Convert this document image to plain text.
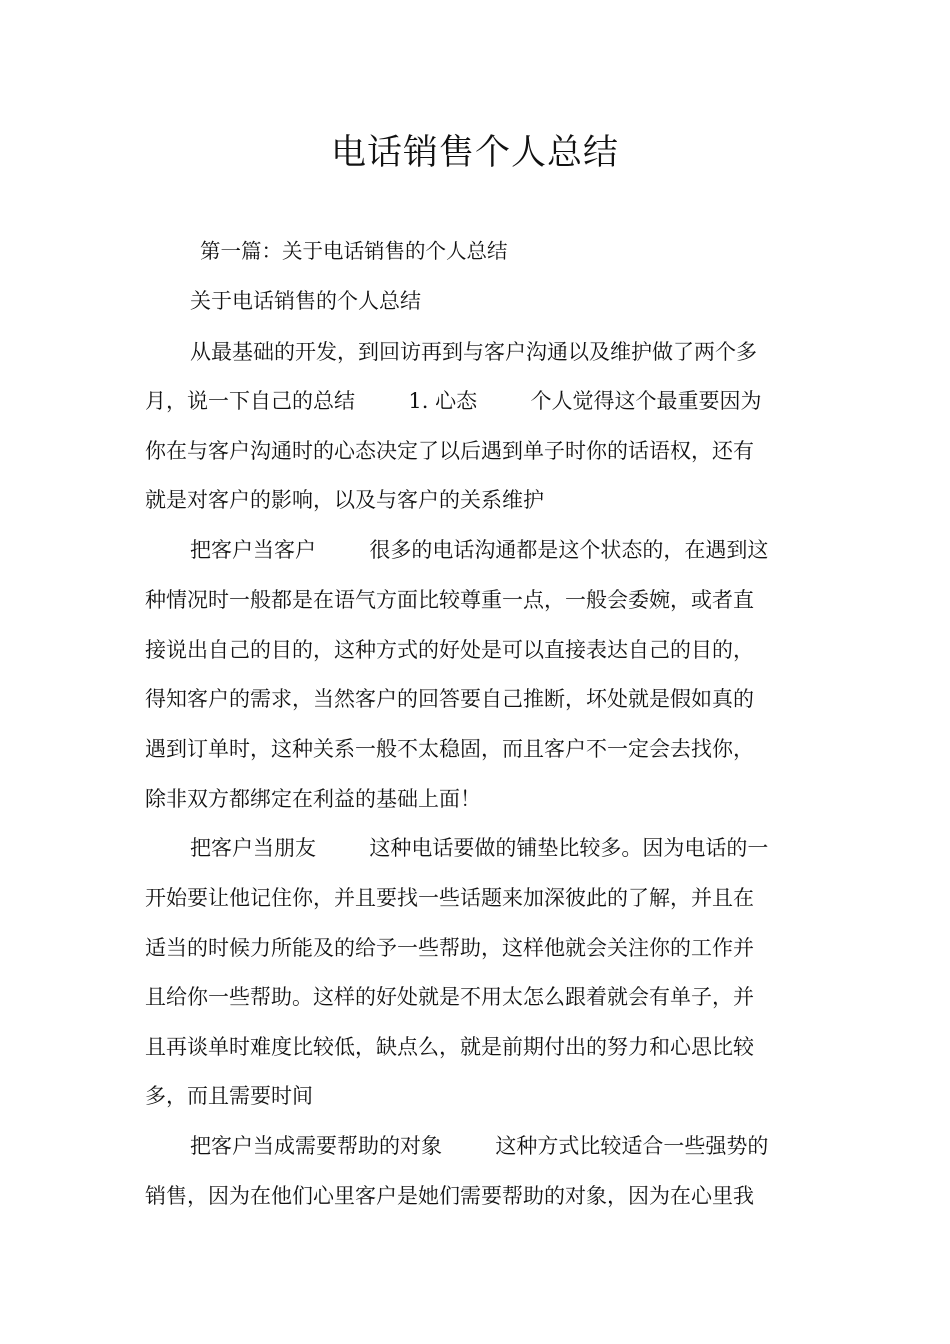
电话销售个人总结

第一篇：关于电话销售的个人总结

关于电话销售的个人总结

从最基础的开发，到回访再到与客户沟通以及维护做了两个多

月，说一下自己的总结        1. 心态        个人觉得这个最重要因为

你在与客户沟通时的心态决定了以后遇到单子时你的话语权，还有

就是对客户的影响，以及与客户的关系维护

把客户当客户        很多的电话沟通都是这个状态的，在遇到这

种情况时一般都是在语气方面比较尊重一点，一般会委婉，或者直

接说出自己的目的，这种方式的好处是可以直接表达自己的目的，

得知客户的需求，当然客户的回答要自己推断，坏处就是假如真的

遇到订单时，这种关系一般不太稳固，而且客户不一定会去找你，

除非双方都绑定在利益的基础上面！

把客户当朋友        这种电话要做的铺垫比较多。因为电话的一

开始要让他记住你，并且要找一些话题来加深彼此的了解，并且在

适当的时候力所能及的给予一些帮助，这样他就会关注你的工作并

且给你一些帮助。这样的好处就是不用太怎么跟着就会有单子，并

且再谈单时难度比较低，缺点么，就是前期付出的努力和心思比较

多，而且需要时间

把客户当成需要帮助的对象        这种方式比较适合一些强势的

销售，因为在他们心里客户是她们需要帮助的对象，因为在心里我
